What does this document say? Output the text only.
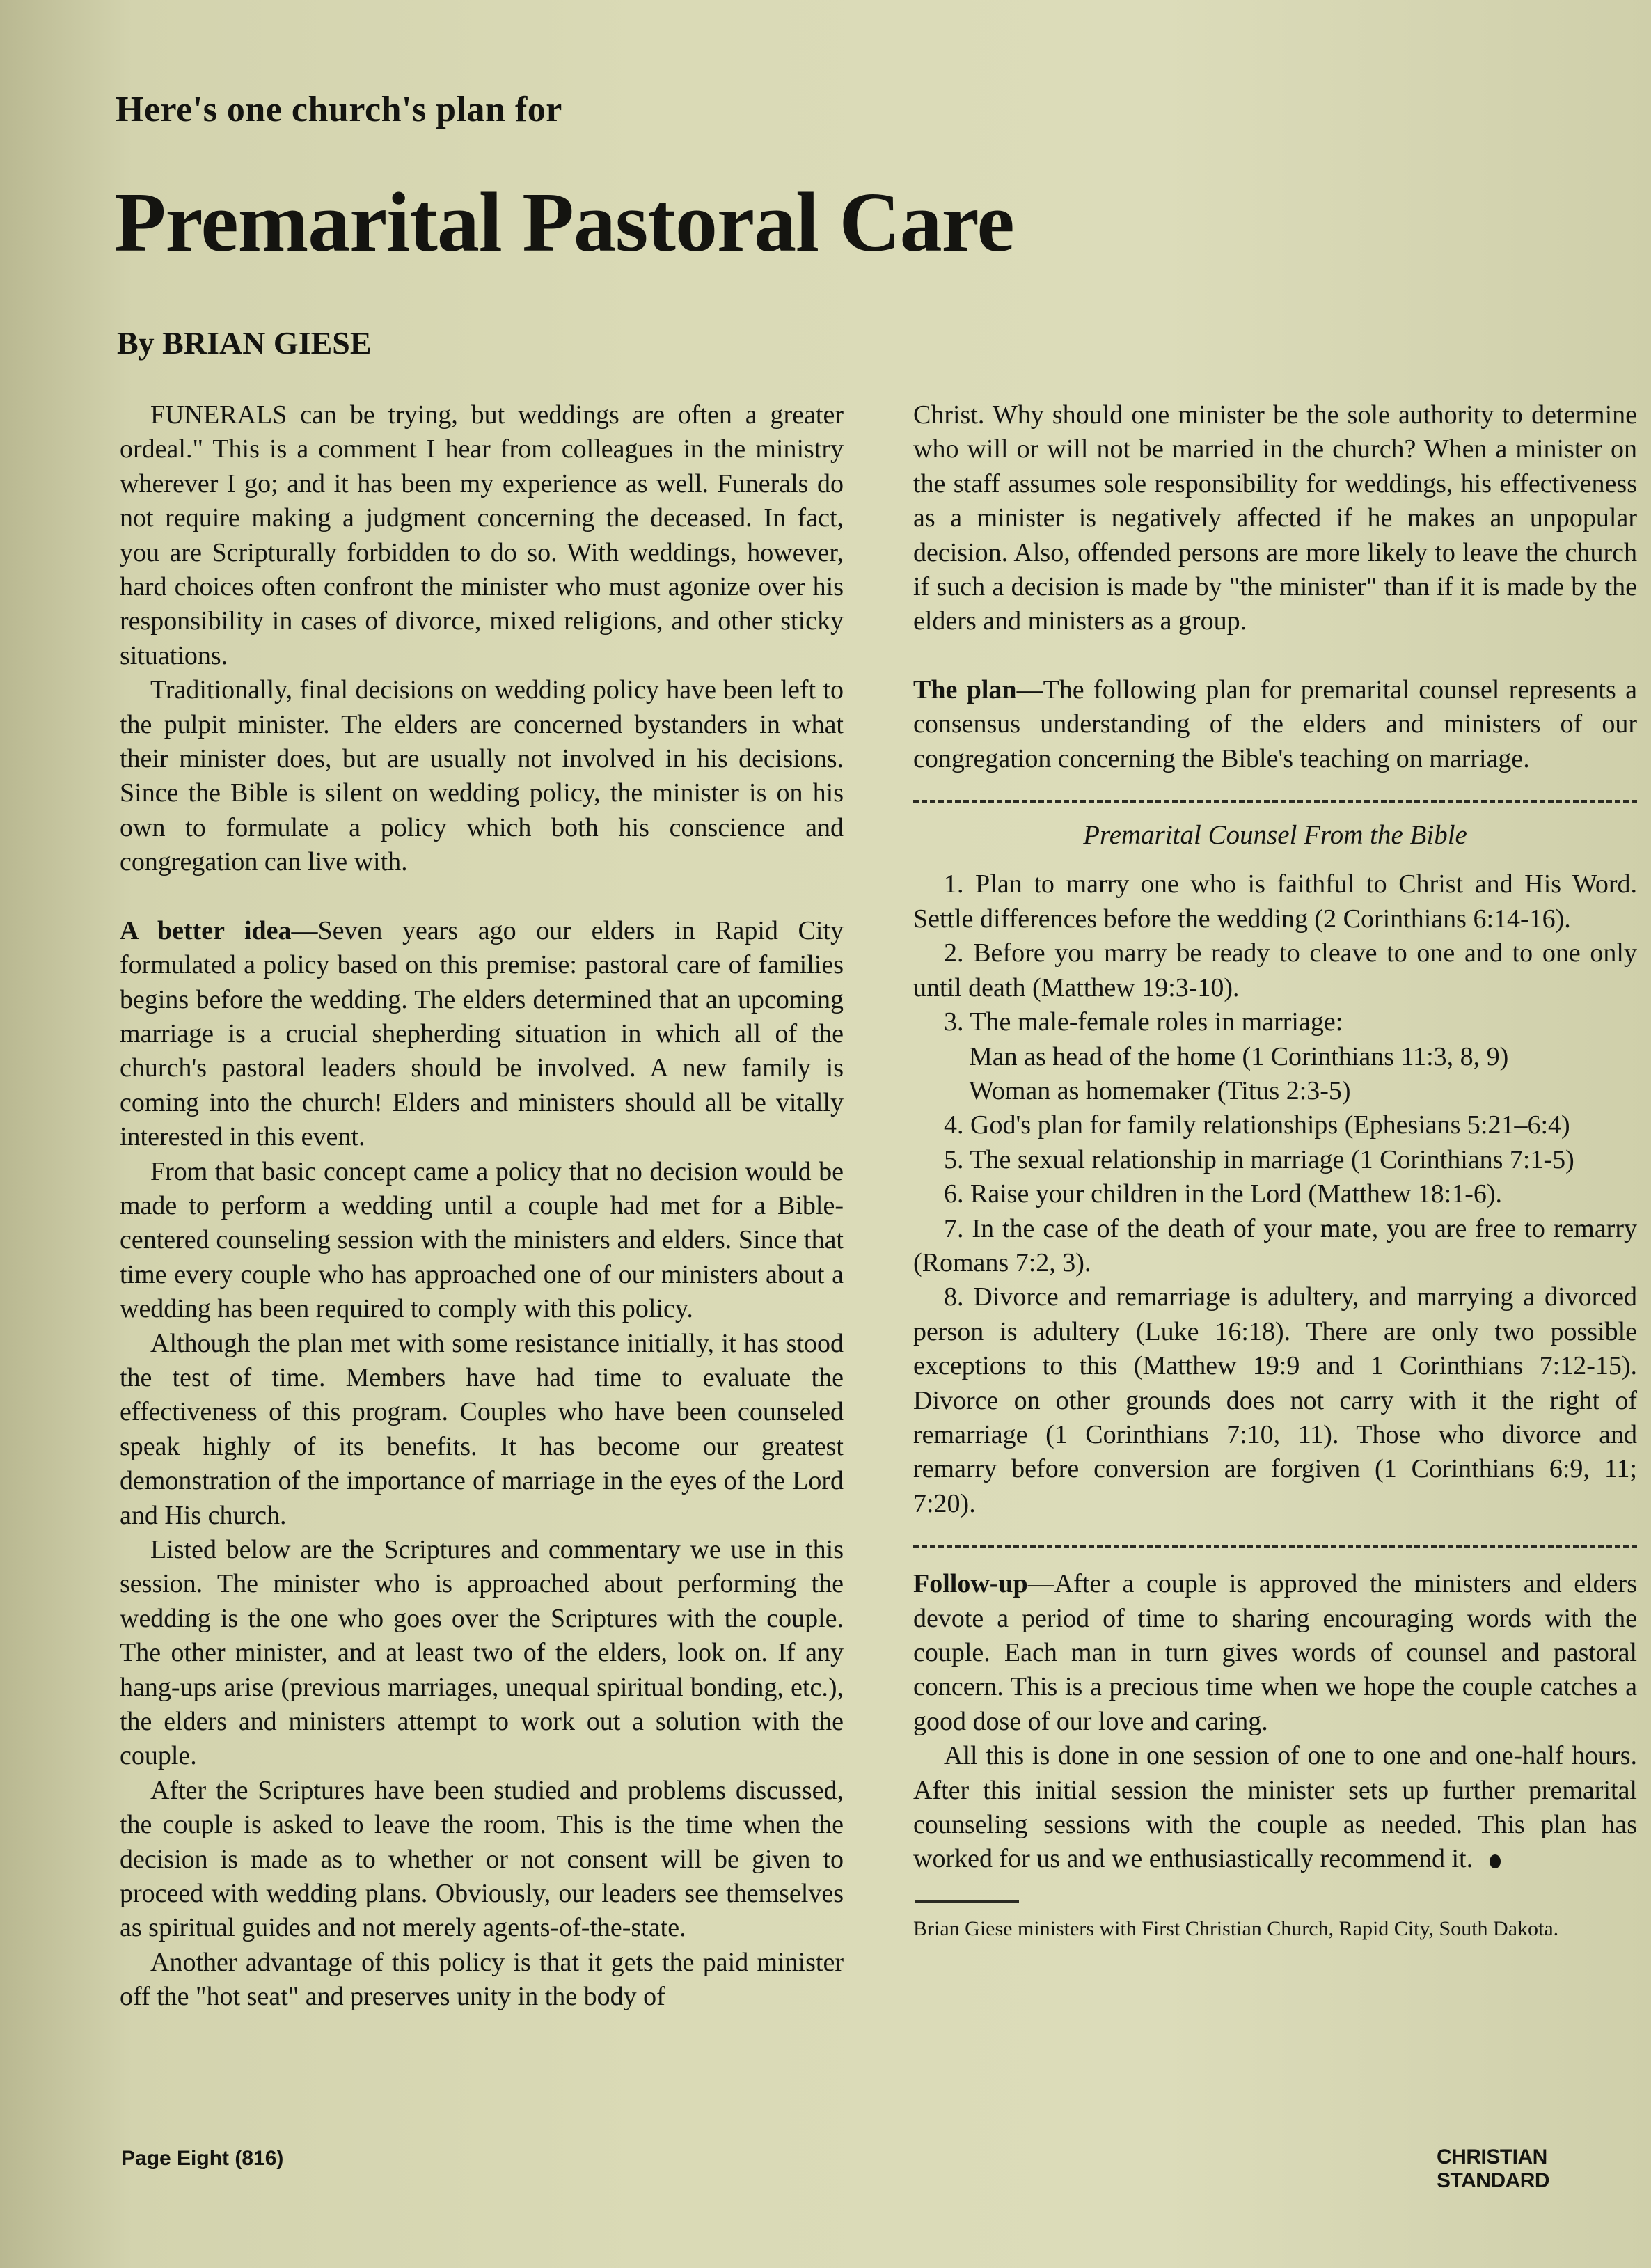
Here's one church's plan for
Premarital Pastoral Care
By BRIAN GIESE

FUNERALS can be trying, but weddings are often a greater ordeal." This is a comment I hear from colleagues in the ministry wherever I go; and it has been my experience as well. Funerals do not require making a judgment concerning the deceased. In fact, you are Scripturally forbidden to do so. With weddings, however, hard choices often confront the minister who must agonize over his responsibility in cases of divorce, mixed religions, and other sticky situations.

Traditionally, final decisions on wedding policy have been left to the pulpit minister. The elders are concerned bystanders in what their minister does, but are usually not involved in his decisions. Since the Bible is silent on wedding policy, the minister is on his own to formulate a policy which both his conscience and congregation can live with.

A better idea—Seven years ago our elders in Rapid City formulated a policy based on this premise: pastoral care of families begins before the wedding. The elders determined that an upcoming marriage is a crucial shepherding situation in which all of the church's pastoral leaders should be involved. A new family is coming into the church! Elders and ministers should all be vitally interested in this event.

From that basic concept came a policy that no decision would be made to perform a wedding until a couple had met for a Bible-centered counseling session with the ministers and elders. Since that time every couple who has approached one of our ministers about a wedding has been required to comply with this policy.

Although the plan met with some resistance initially, it has stood the test of time. Members have had time to evaluate the effectiveness of this program. Couples who have been counseled speak highly of its benefits. It has become our greatest demonstration of the importance of marriage in the eyes of the Lord and His church.

Listed below are the Scriptures and commentary we use in this session. The minister who is approached about performing the wedding is the one who goes over the Scriptures with the couple. The other minister, and at least two of the elders, look on. If any hang-ups arise (previous marriages, unequal spiritual bonding, etc.), the elders and ministers attempt to work out a solution with the couple.

After the Scriptures have been studied and problems discussed, the couple is asked to leave the room. This is the time when the decision is made as to whether or not consent will be given to proceed with wedding plans. Obviously, our leaders see themselves as spiritual guides and not merely agents-of-the-state.

Another advantage of this policy is that it gets the paid minister off the "hot seat" and preserves unity in the body of

Christ. Why should one minister be the sole authority to determine who will or will not be married in the church? When a minister on the staff assumes sole responsibility for weddings, his effectiveness as a minister is negatively affected if he makes an unpopular decision. Also, offended persons are more likely to leave the church if such a decision is made by "the minister" than if it is made by the elders and ministers as a group.

The plan—The following plan for premarital counsel represents a consensus understanding of the elders and ministers of our congregation concerning the Bible's teaching on marriage.

Premarital Counsel From the Bible

1. Plan to marry one who is faithful to Christ and His Word. Settle differences before the wedding (2 Corinthians 6:14-16).

2. Before you marry be ready to cleave to one and to one only until death (Matthew 19:3-10).

3. The male-female roles in marriage:

Man as head of the home (1 Corinthians 11:3, 8, 9)

Woman as homemaker (Titus 2:3-5)

4. God's plan for family relationships (Ephesians 5:21–6:4)

5. The sexual relationship in marriage (1 Corinthians 7:1-5)

6. Raise your children in the Lord (Matthew 18:1-6).

7. In the case of the death of your mate, you are free to remarry (Romans 7:2, 3).

8. Divorce and remarriage is adultery, and marrying a divorced person is adultery (Luke 16:18). There are only two possible exceptions to this (Matthew 19:9 and 1 Corinthians 7:12-15). Divorce on other grounds does not carry with it the right of remarriage (1 Corinthians 7:10, 11). Those who divorce and remarry before conversion are forgiven (1 Corinthians 6:9, 11; 7:20).

Follow-up—After a couple is approved the ministers and elders devote a period of time to sharing encouraging words with the couple. Each man in turn gives words of counsel and pastoral concern. This is a precious time when we hope the couple catches a good dose of our love and caring.

All this is done in one session of one to one and one-half hours. After this initial session the minister sets up further premarital counseling sessions with the couple as needed. This plan has worked for us and we enthusiastically recommend it.

Brian Giese ministers with First Christian Church, Rapid City, South Dakota.

Page Eight (816)	CHRISTIAN STANDARD
